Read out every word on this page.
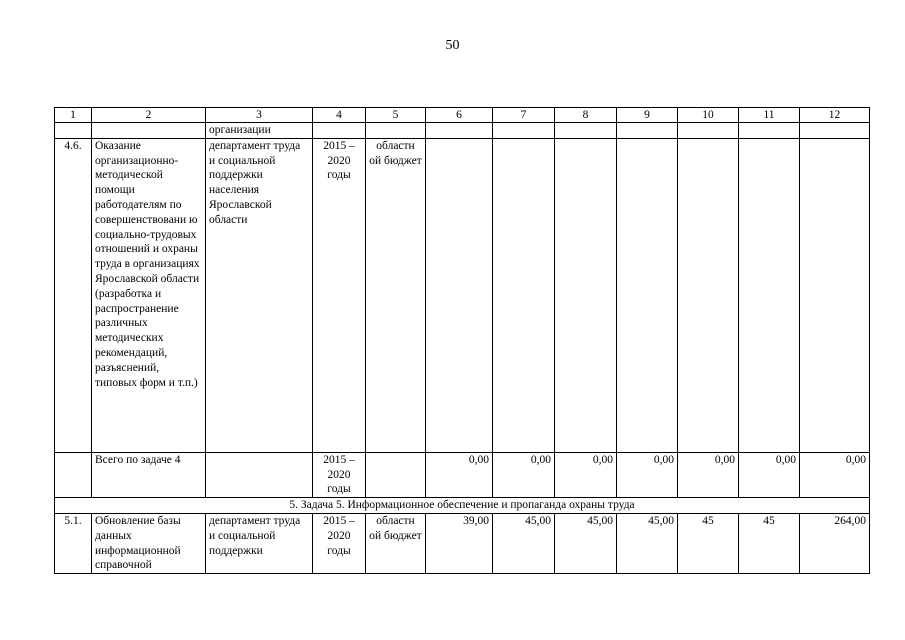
50
1	2	3	4	5	6	7	8	9	10	11	12
		организации									
4.6.	Оказание организационно-методической помощи работодателям по совершенствовани ю социально-трудовых отношений и охраны труда в организациях Ярославской области (разработка и распространение различных методических рекомендаций, разъяснений, типовых форм и т.п.)	департамент труда и социальной поддержки населения Ярославской области	2015 – 2020 годы	областн ой бюджет							
	Всего по задаче 4		2015 – 2020 годы		0,00	0,00	0,00	0,00	0,00	0,00	0,00
5. Задача 5. Информационное обеспечение и пропаганда охраны труда											
5.1.	Обновление базы данных информационной справочной	департамент труда и социальной поддержки	2015 – 2020 годы	областн ой бюджет	39,00	45,00	45,00	45,00	45	45	264,00
